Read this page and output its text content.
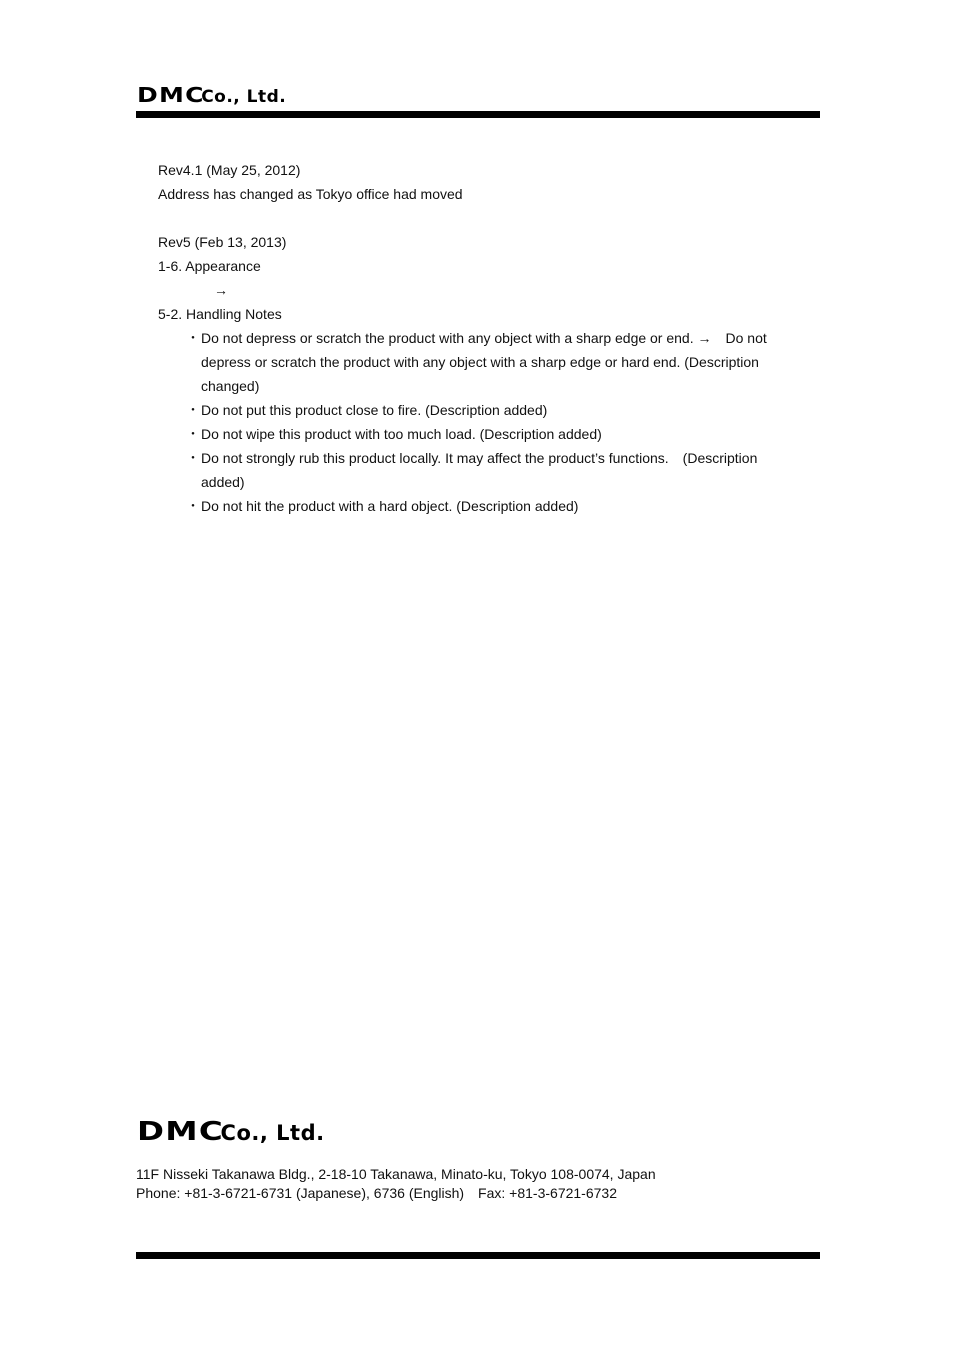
DMCCo., Ltd.

Rev4.1 (May 25, 2012)

Address has changed as Tokyo office had moved

Rev5 (Feb 13, 2013)

1-6. Appearance

→

5-2. Handling Notes

・ Do not depress or scratch the product with any object with a sharp edge or end. →　Do not depress or scratch the product with any object with a sharp edge or hard end. (Description changed)
・ Do not put this product close to fire. (Description added)
・ Do not wipe this product with too much load. (Description added)
・ Do not strongly rub this product locally. It may affect the product’s functions.　(Description added)
・ Do not hit the product with a hard object. (Description added)
DMCCo., Ltd.

11F Nisseki Takanawa Bldg., 2-18-10 Takanawa, Minato-ku, Tokyo 108-0074, Japan

Phone: +81-3-6721-6731 (Japanese), 6736 (English)　Fax: +81-3-6721-6732
